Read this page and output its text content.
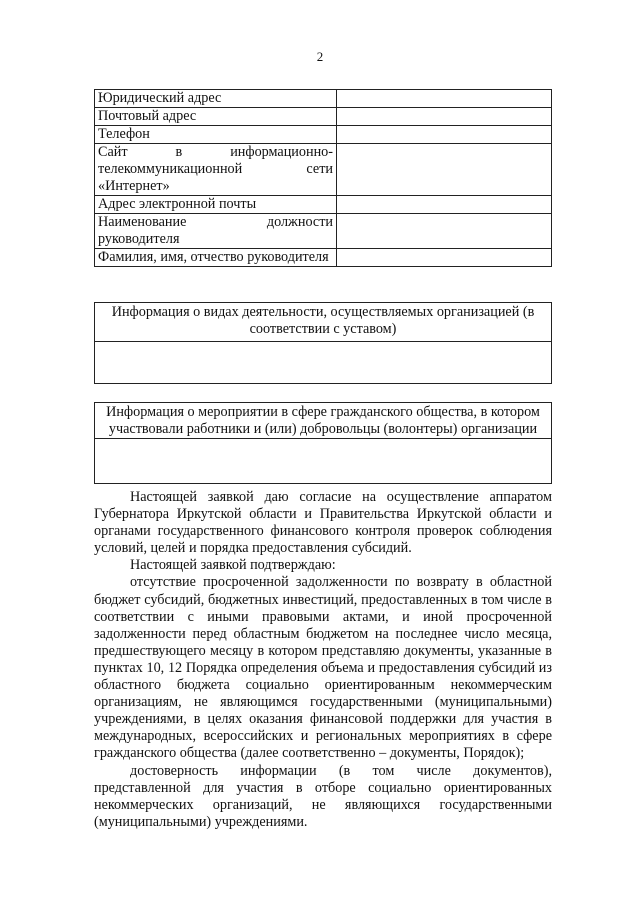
2
Юридический адрес	
Почтовый адрес	
Телефон	
Сайт в информационно-телекоммуникационной сети «Интернет»	
Адрес электронной почты	
Наименование должности руководителя	
Фамилия, имя, отчество руководителя	
Информация о видах деятельности, осуществляемых организацией (в соответствии с уставом)
Информация о мероприятии в сфере гражданского общества, в котором участвовали работники и (или) добровольцы (волонтеры) организации

Настоящей заявкой даю согласие на осуществление аппаратом Губернатора Иркутской области и Правительства Иркутской области и органами государственного финансового контроля проверок соблюдения условий, целей и порядка предоставления субсидий.

Настоящей заявкой подтверждаю:

отсутствие просроченной задолженности по возврату в областной бюджет субсидий, бюджетных инвестиций, предоставленных в том числе в соответствии с иными правовыми актами, и иной просроченной задолженности перед областным бюджетом на последнее число месяца, предшествующего месяцу в котором представляю документы, указанные в пунктах 10, 12 Порядка определения объема и предоставления субсидий из областного бюджета социально ориентированным некоммерческим организациям, не являющимся государственными (муниципальными) учреждениями, в целях оказания финансовой поддержки для участия в международных, всероссийских и региональных мероприятиях в сфере гражданского общества (далее соответственно – документы, Порядок);

достоверность информации (в том числе документов), представленной для участия в отборе социально ориентированных некоммерческих организаций, не являющихся государственными (муниципальными) учреждениями.
